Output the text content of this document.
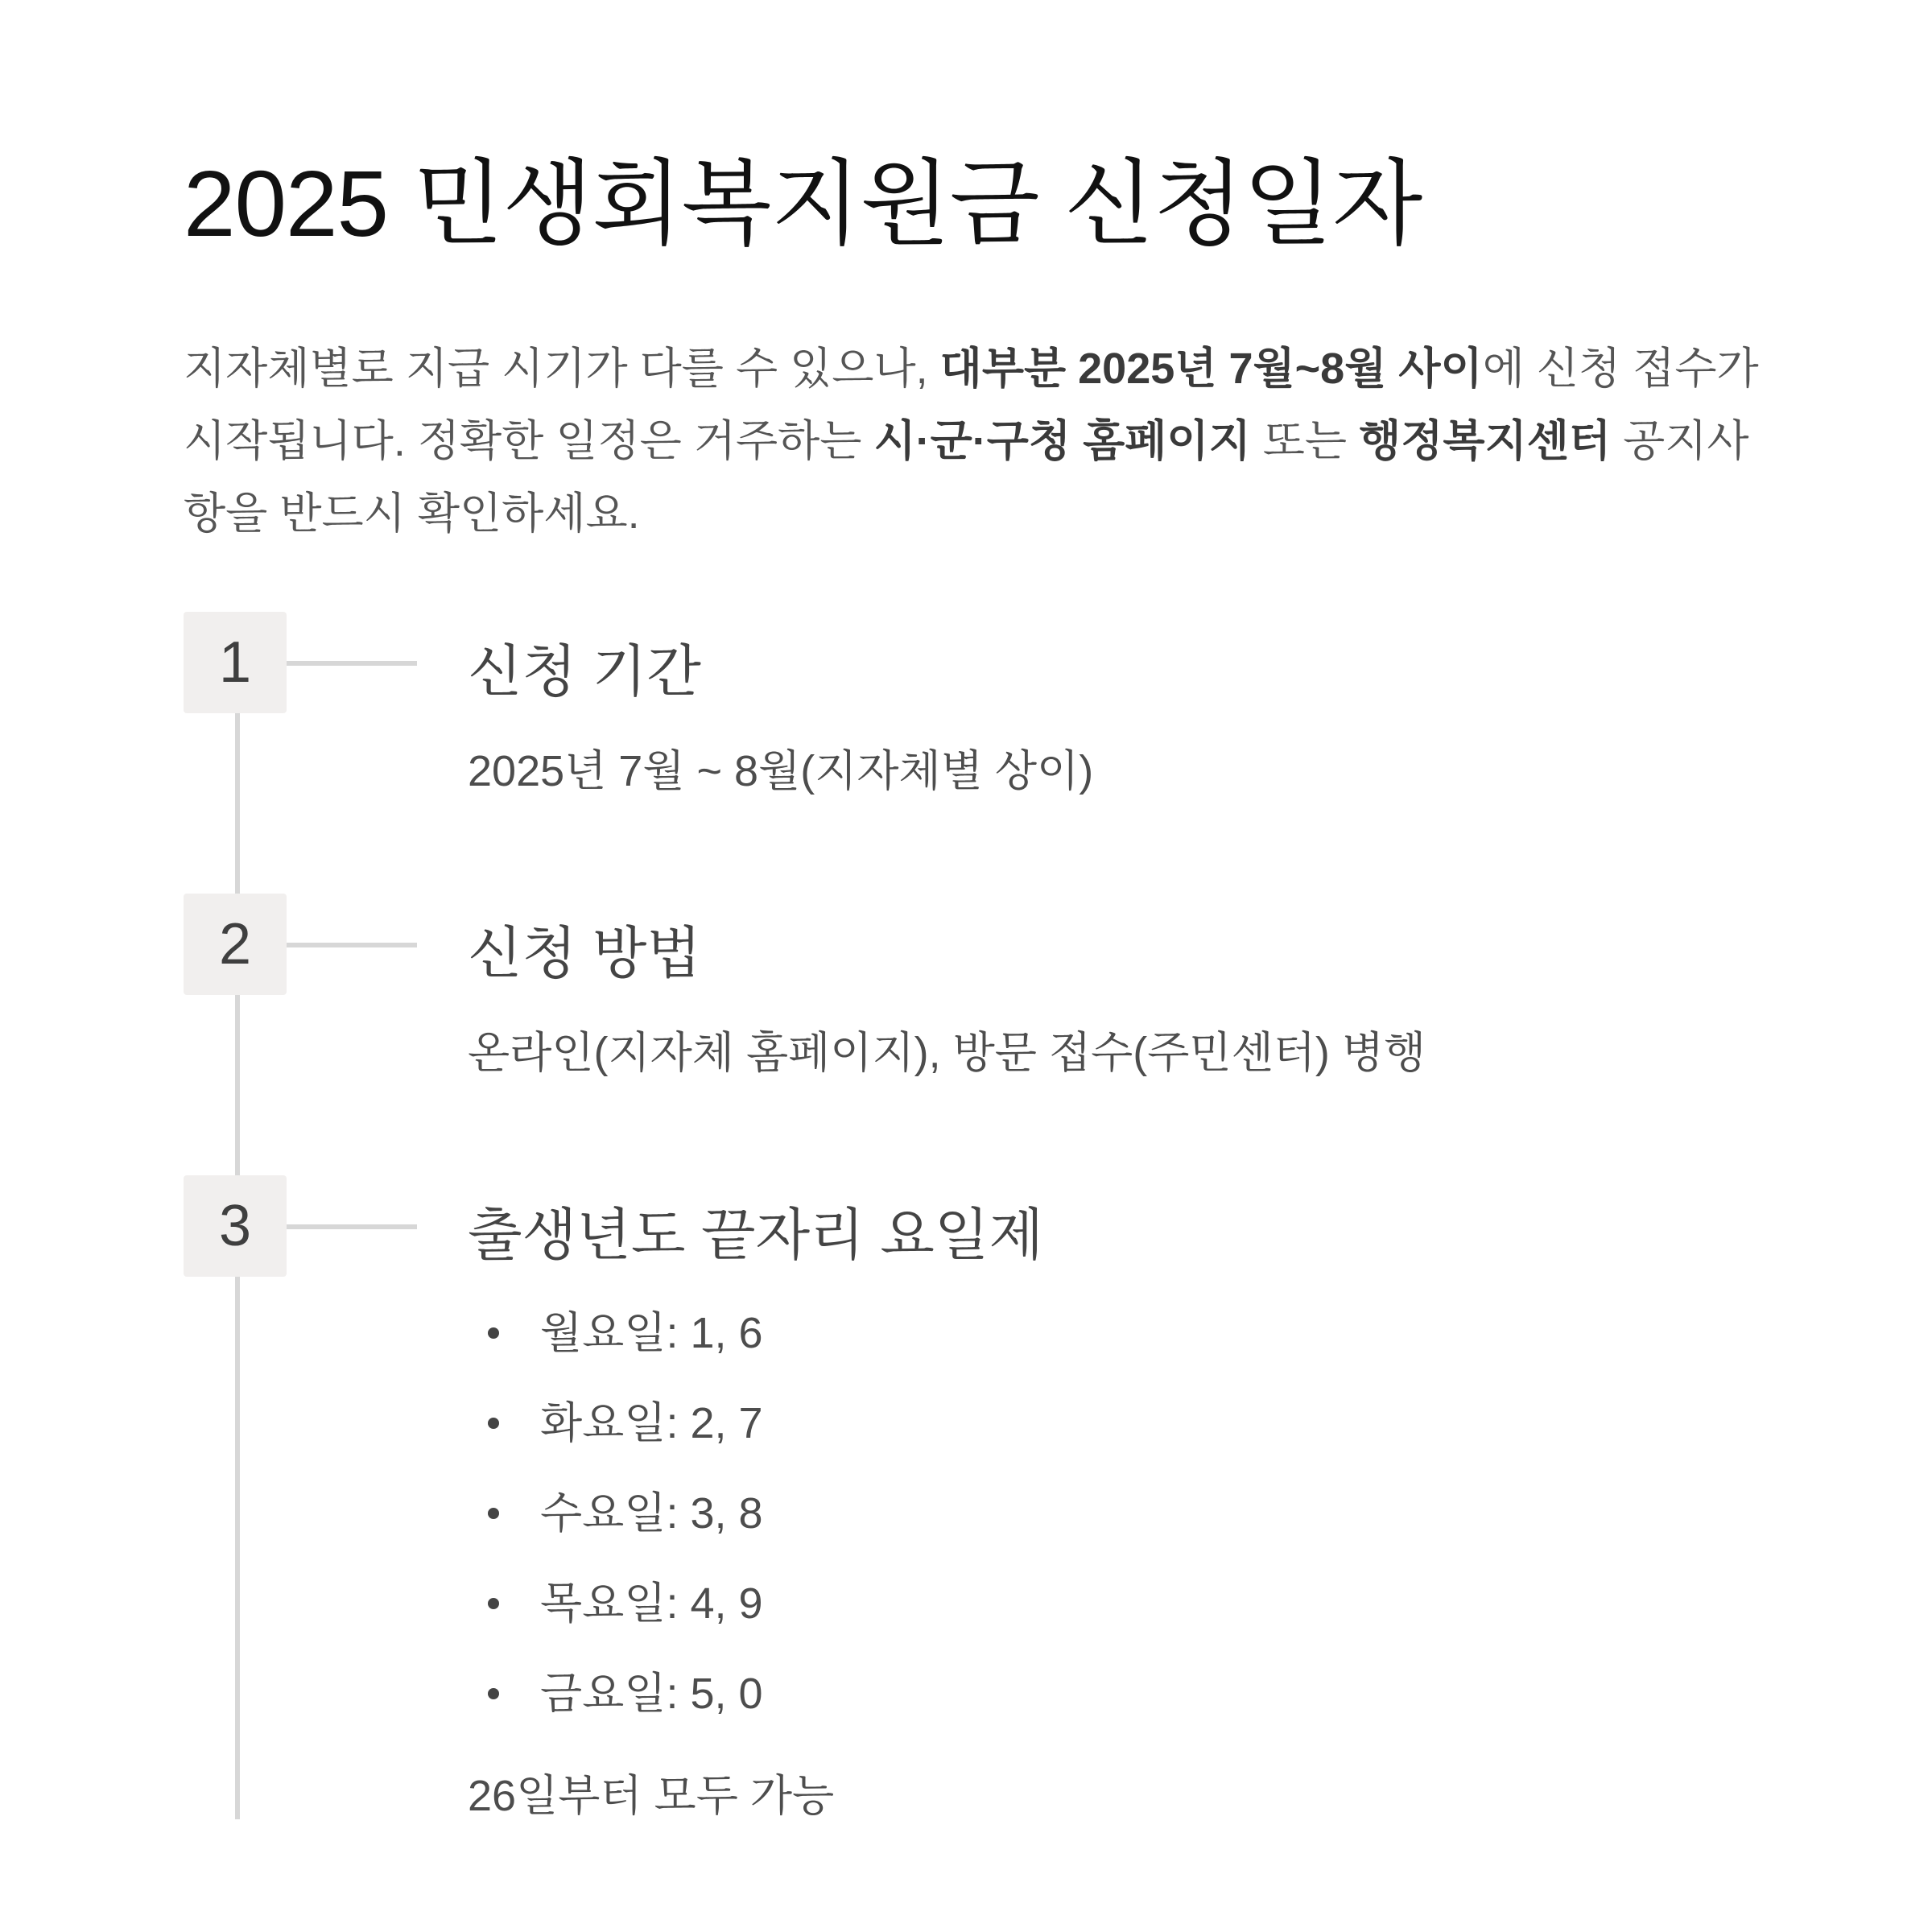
2025 민생회복지원금 신청일자

지자체별로 지급 시기가 다를 수 있으나, 대부분 2025년 7월~8월 사이에 신청 접수가 시작됩니다. 정확한 일정은 거주하는 시·군·구청 홈페이지 또는 행정복지센터 공지사항을 반드시 확인하세요.

1	신청 기간

2025년 7월 ~ 8월(지자체별 상이)

2	신청 방법

온라인(지자체 홈페이지), 방문 접수(주민센터) 병행

3	출생년도 끝자리 요일제
월요일: 1, 6
화요일: 2, 7
수요일: 3, 8
목요일: 4, 9
금요일: 5, 0

26일부터 모두 가능
